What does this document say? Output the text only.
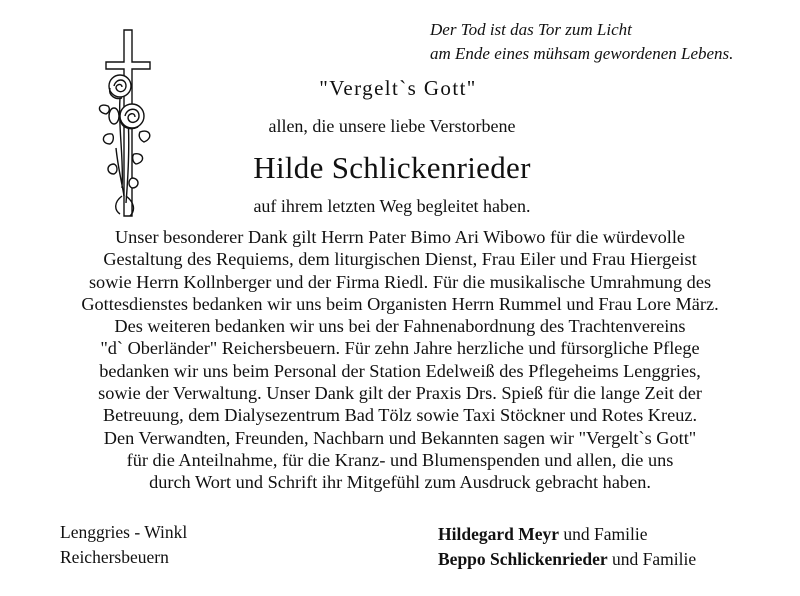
Der Tod ist das Tor zum Licht
am Ende eines mühsam gewordenen Lebens.
"Vergelt`s Gott"
allen, die unsere liebe Verstorbene
Hilde Schlickenrieder
auf ihrem letzten Weg begleitet haben.
Unser besonderer Dank gilt Herrn Pater Bimo Ari Wibowo für die würdevolle
Gestaltung des Requiems, dem liturgischen Dienst, Frau Eiler und Frau Hiergeist
sowie Herrn Kollnberger und der Firma Riedl. Für die musikalische Umrahmung des
Gottesdienstes bedanken wir uns beim Organisten Herrn Rummel und Frau Lore März.
Des weiteren bedanken wir uns bei der Fahnenabordnung des Trachtenvereins
"d` Oberländer" Reichersbeuern. Für zehn Jahre herzliche und fürsorgliche Pflege
bedanken wir uns beim Personal der Station Edelweiß des Pflegeheims Lenggries,
sowie der Verwaltung. Unser Dank gilt der Praxis Drs. Spieß für die lange Zeit der
Betreuung, dem Dialysezentrum Bad Tölz sowie Taxi Stöckner und Rotes Kreuz.
Den Verwandten, Freunden, Nachbarn und Bekannten sagen wir "Vergelt`s Gott"
für die Anteilnahme, für die Kranz- und Blumenspenden und allen, die uns
durch Wort und Schrift ihr Mitgefühl zum Ausdruck gebracht haben.
Lenggries - Winkl
Reichersbeuern
Hildegard Meyr und Familie
Beppo Schlickenrieder und Familie
